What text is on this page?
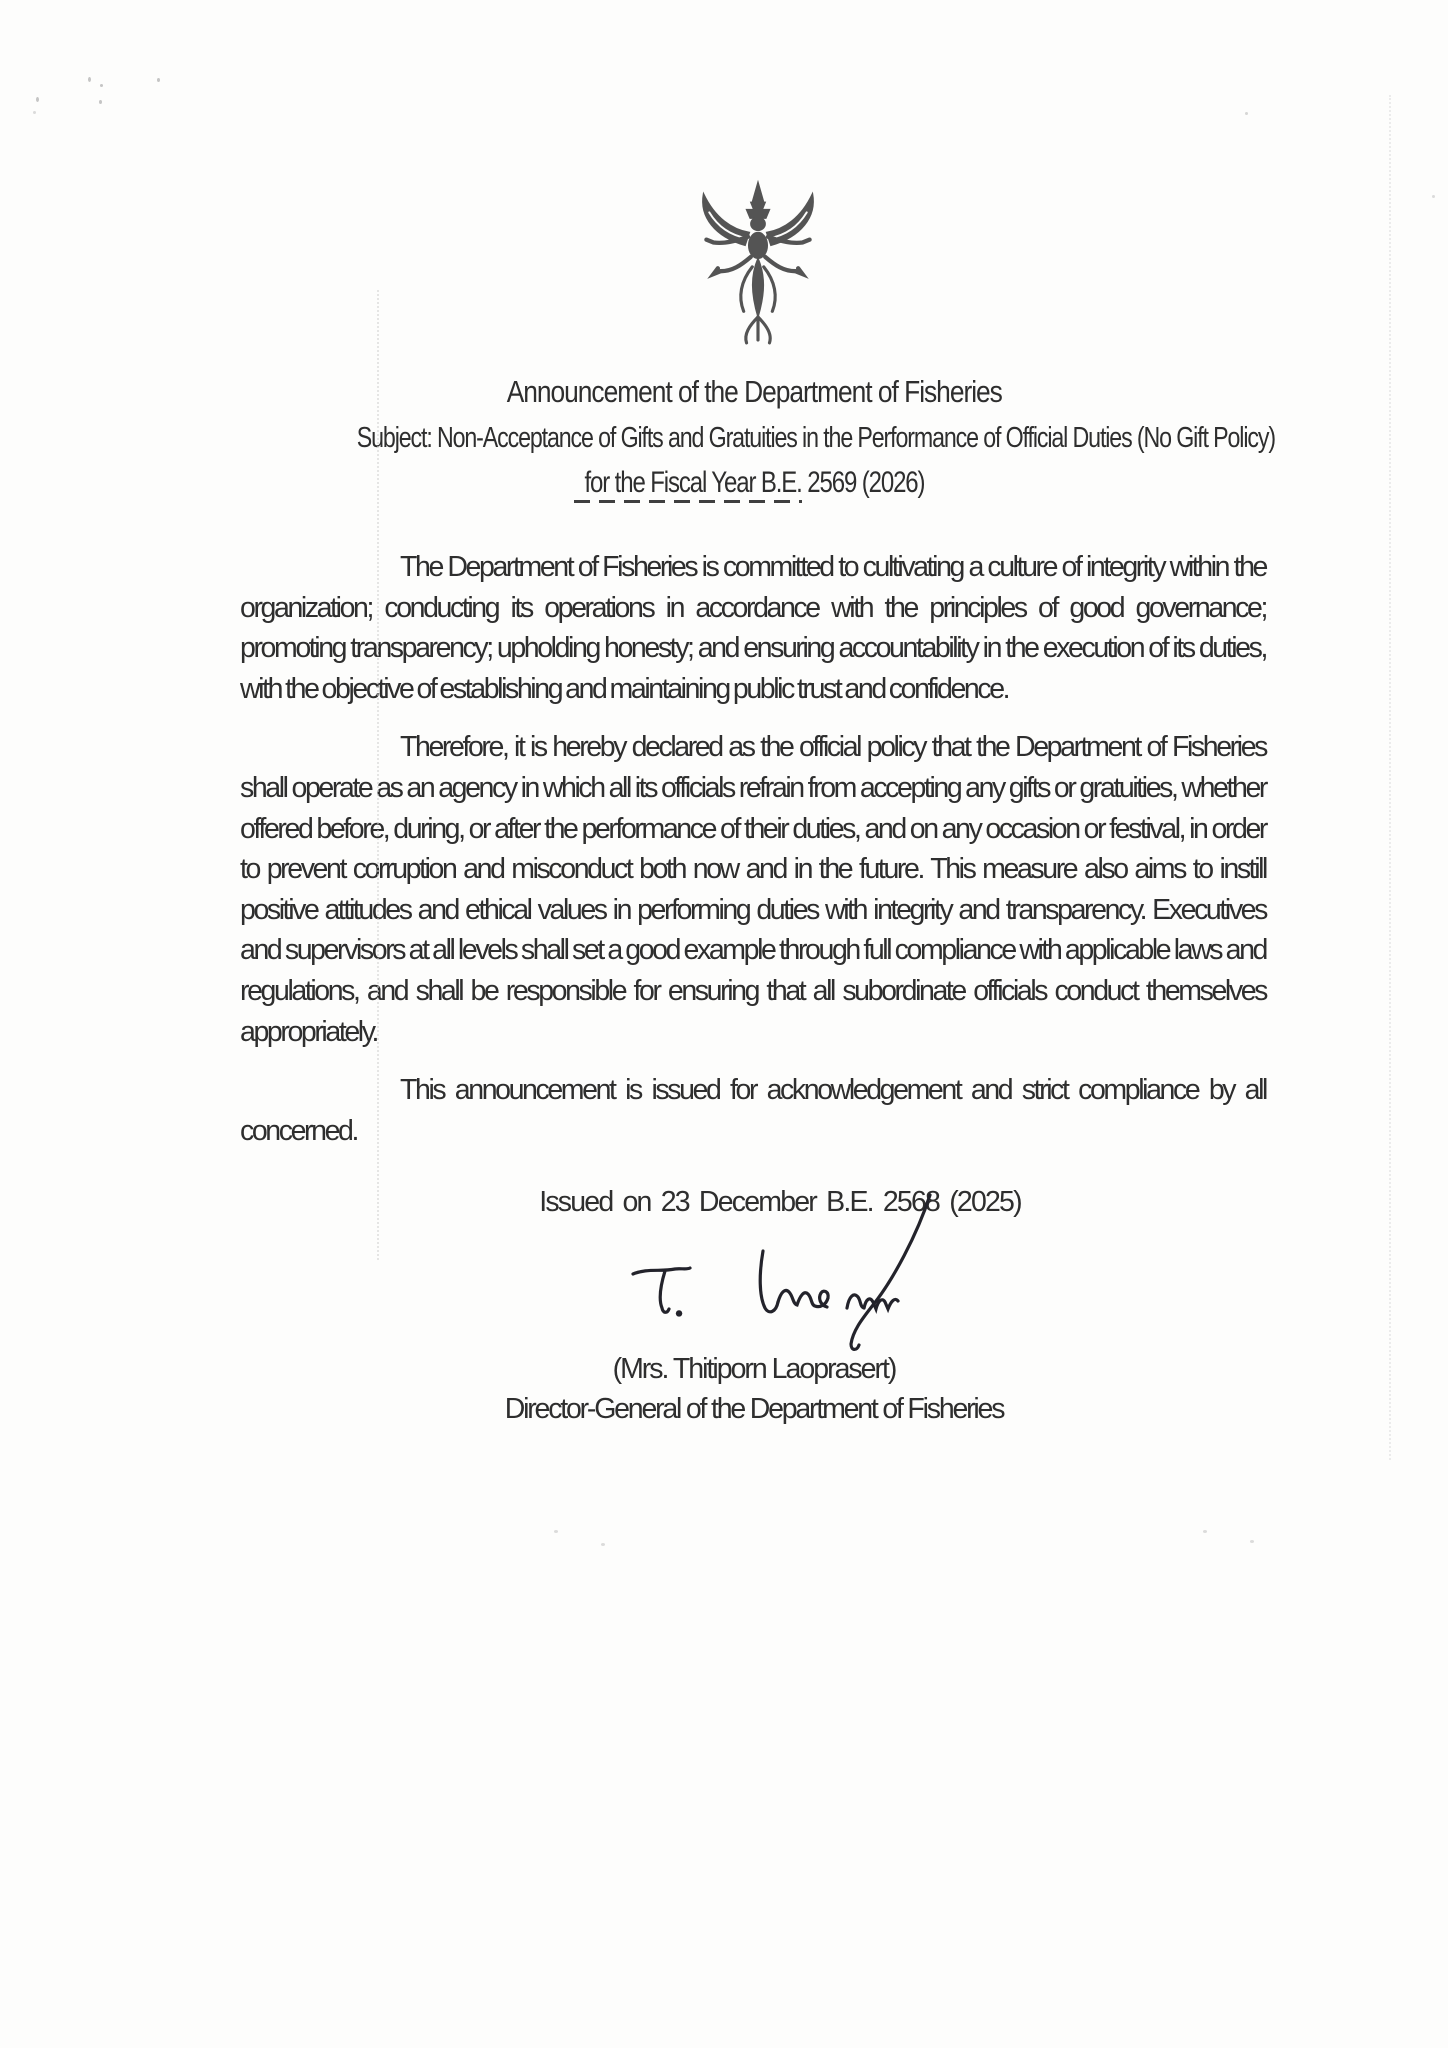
Announcement of the Department of Fisheries
Subject: Non-Acceptance of Gifts and Gratuities in the Performance of Official Duties (No Gift Policy)
for the Fiscal Year B.E. 2569 (2026)

The Department of Fisheries is committed to cultivating a culture of integrity within the organization; conducting its operations in accordance with the principles of good governance; promoting transparency; upholding honesty; and ensuring accountability in the execution of its duties, with the objective of establishing and maintaining public trust and confidence.

Therefore, it is hereby declared as the official policy that the Department of Fisheries shall operate as an agency in which all its officials refrain from accepting any gifts or gratuities, whether offered before, during, or after the performance of their duties, and on any occasion or festival, in order to prevent corruption and misconduct both now and in the future. This measure also aims to instill positive attitudes and ethical values in performing duties with integrity and transparency. Executives and supervisors at all levels shall set a good example through full compliance with applicable laws and regulations, and shall be responsible for ensuring that all subordinate officials conduct themselves appropriately.

This announcement is issued for acknowledgement and strict compliance by all concerned.

Issued on 23 December B.E. 2568 (2025)
(Mrs. Thitiporn Laoprasert)
Director-General of the Department of Fisheries
